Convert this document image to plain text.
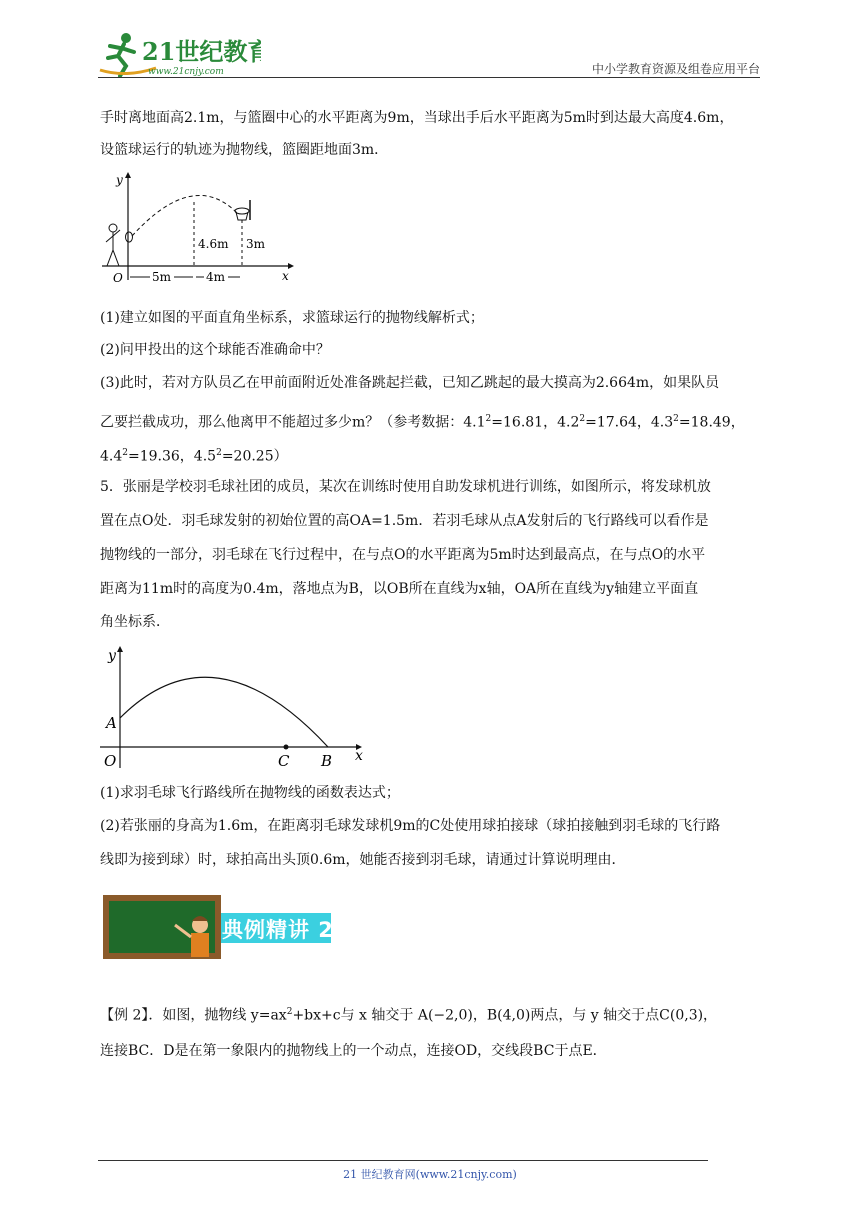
21世纪教育
www.21cnjy.com	中小学教育资源及组卷应用平台

手时离地面高2.1m，与篮圈中心的水平距离为9m，当球出手后水平距离为5m时到达最大高度4.6m，

设篮球运行的轨迹为抛物线，篮圈距地面3m．

y
x
O
4.6m 3m
5m	4m

(1)建立如图的平面直角坐标系，求篮球运行的抛物线解析式；

(2)问甲投出的这个球能否准确命中？

(3)此时，若对方队员乙在甲前面附近处准备跳起拦截，已知乙跳起的最大摸高为2.664m，如果队员

乙要拦截成功，那么他离甲不能超过多少m？（参考数据：$4.1^2=16.81$，$4.2^2=17.64$，$4.3^2=18.49$，

$4.4^2=19.36$，$4.5^2=20.25$）

5．张丽是学校羽毛球社团的成员，某次在训练时使用自助发球机进行训练，如图所示，将发球机放

置在点O处．羽毛球发射的初始位置的高OA=1.5m．若羽毛球从点A发射后的飞行路线可以看作是

抛物线的一部分，羽毛球在飞行过程中，在与点O的水平距离为5m时达到最高点，在与点O的水平

距离为11m时的高度为0.4m，落地点为B，以OB所在直线为x轴，OA所在直线为y轴建立平面直

角坐标系．

y
x
O
A
C B

(1)求羽毛球飞行路线所在抛物线的函数表达式；

(2)若张丽的身高为1.6m，在距离羽毛球发球机9m的C处使用球拍接球（球拍接触到羽毛球的飞行路

线即为接到球）时，球拍高出头顶0.6m，她能否接到羽毛球，请通过计算说明理由．

典例精讲 2

【例 2】．如图，抛物线 $y=ax^2+bx+c$与 x 轴交于 A(−2,0)，B(4,0)两点，与 y 轴交于点C(0,3)，

连接BC．D是在第一象限内的抛物线上的一个动点，连接OD，交线段BC于点E．

21 世纪教育网(www.21cnjy.com)
